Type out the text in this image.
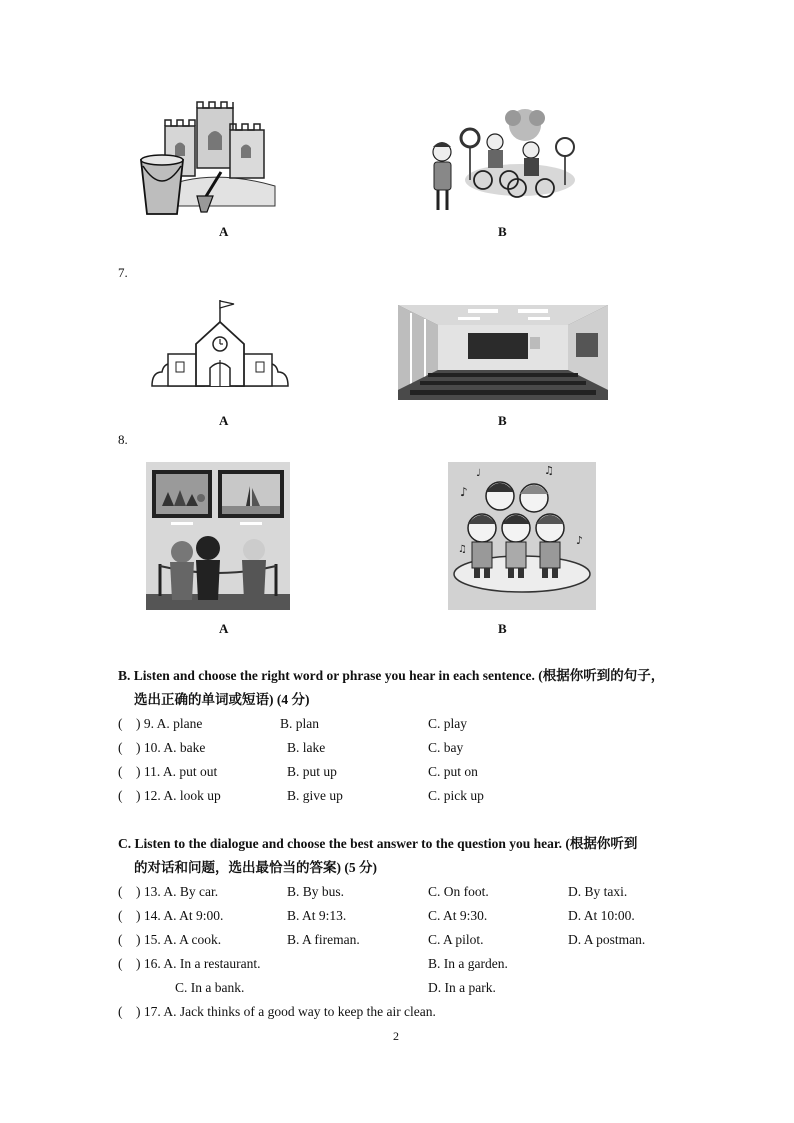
A	B
7.
A	B
8.
A
♪
♫
♩
♪
♫
B
B. Listen and choose the right word or phrase you hear in each sentence. (根据你听到的句子，
选出正确的单词或短语) (4 分)
( ) 9. A. plane	B. plan	C. play
( ) 10. A. bake	B. lake	C. bay
( ) 11. A. put out	B. put up	C. put on
( ) 12. A. look up	B. give up	C. pick up
C. Listen to the dialogue and choose the best answer to the question you hear. (根据你听到
的对话和问题，选出最恰当的答案) (5 分)
( ) 13. A. By car.	B. By bus.	C. On foot.	D. By taxi.
( ) 14. A. At 9:00.	B. At 9:13.	C. At 9:30.	D. At 10:00.
( ) 15. A. A cook.	B. A fireman.	C. A pilot.	D. A postman.
( ) 16. A. In a restaurant.	B. In a garden.
C. In a bank.	D. In a park.
( ) 17. A. Jack thinks of a good way to keep the air clean.
2
